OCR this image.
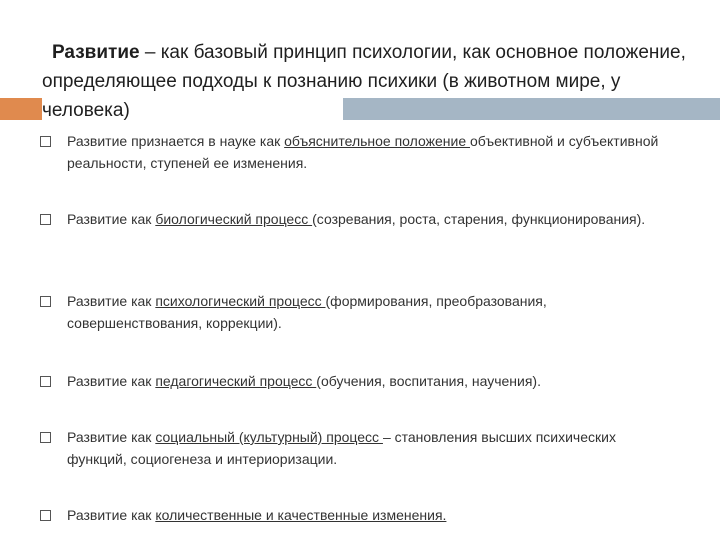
Развитие – как базовый принцип психологии, как основное положение, определяющее подходы к познанию психики (в животном мире, у человека)
Развитие признается в науке как объяснительное положение объективной и субъективной реальности, ступеней ее изменения.
Развитие как биологический процесс (созревания, роста, старения, функционирования).
Развитие как психологический процесс (формирования, преобразования, совершенствования, коррекции).
Развитие как педагогический процесс (обучения, воспитания, научения).
Развитие как социальный (культурный) процесс – становления высших психических функций, социогенеза и интериоризации.
Развитие как количественные и качественные изменения.
